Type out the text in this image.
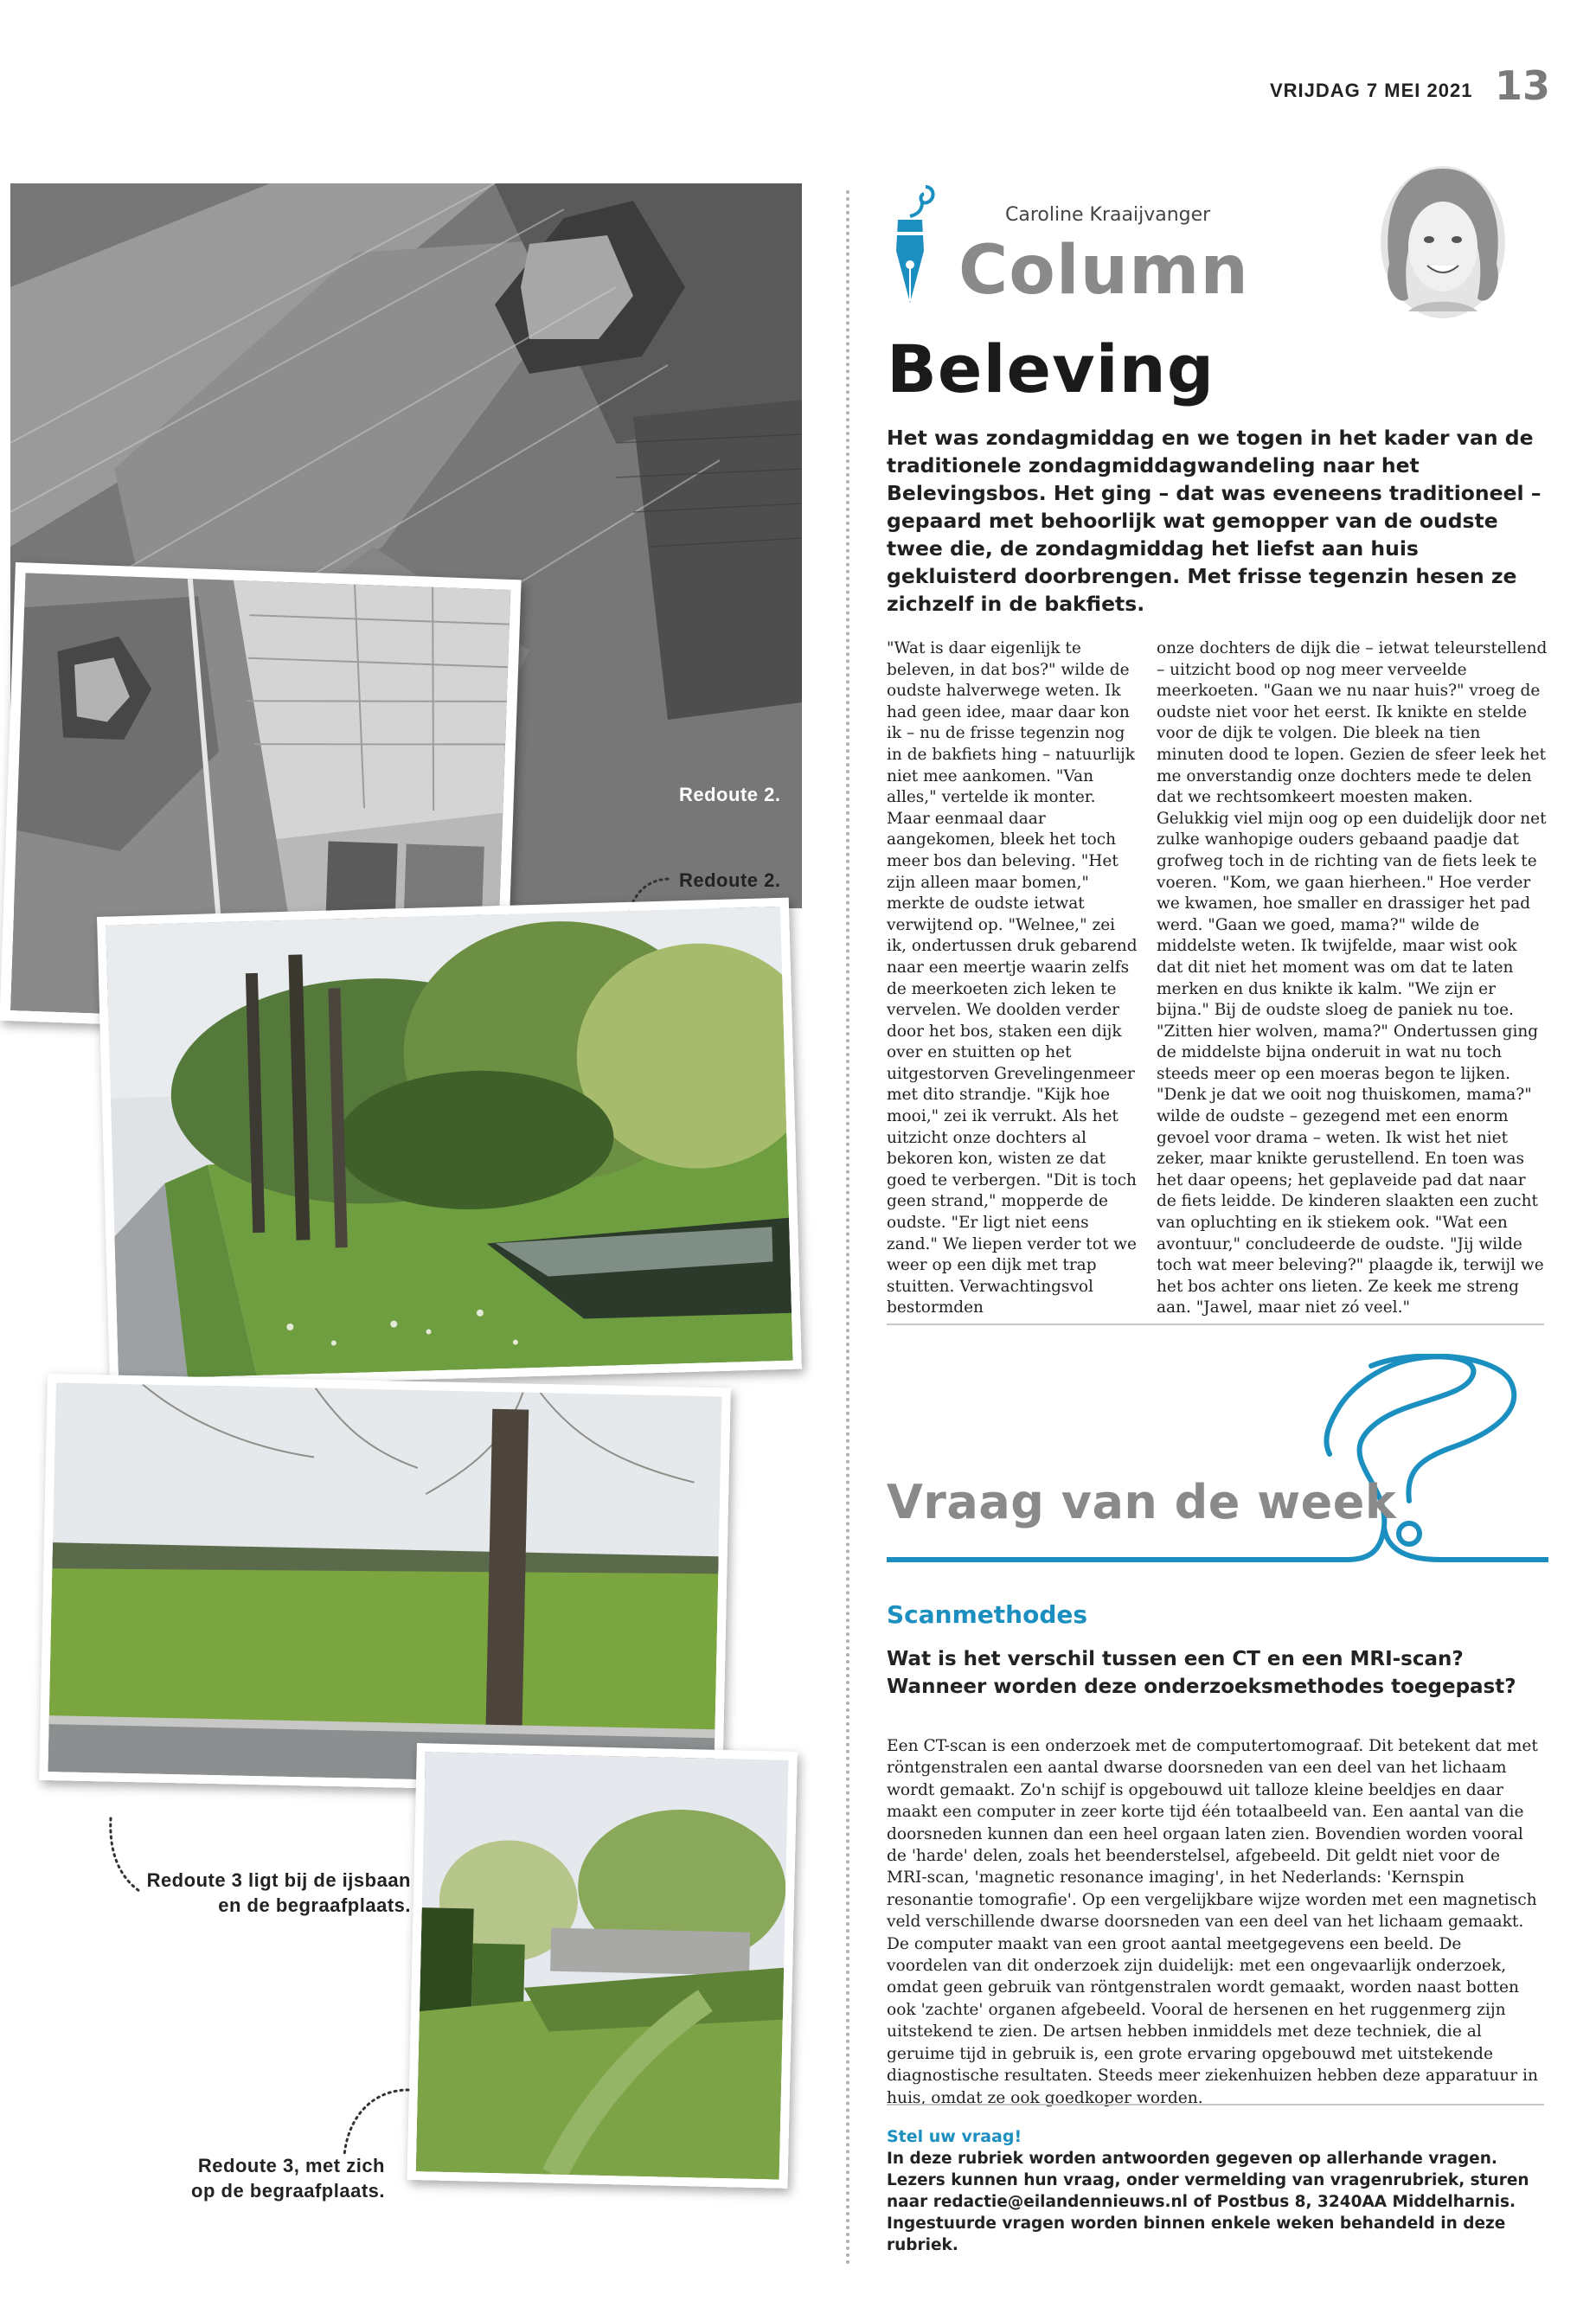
VRIJDAG 7 MEI 2021 13
Redoute 2.
Redoute 2.
Redoute 3 ligt bij de ijsbaan
en de begraafplaats.
Redoute 3, met zich
op de begraafplaats.
Caroline Kraaijvanger
Column
Beleving
Het was zondagmiddag en we togen in het kader van de traditionele zondagmiddagwandeling naar het Belevingsbos. Het ging – dat was eveneens traditioneel – gepaard met behoorlijk wat gemopper van de oudste twee die, de zondagmiddag het liefst aan huis gekluisterd doorbrengen. Met frisse tegenzin hesen ze zichzelf in de bakfiets.

"Wat is daar eigenlijk te beleven, in dat bos?" wilde de oudste halverwege weten. Ik had geen idee, maar daar kon ik – nu de frisse tegenzin nog in de bakfiets hing – natuurlijk niet mee aankomen. "Van alles," vertelde ik monter. Maar eenmaal daar aangekomen, bleek het toch meer bos dan beleving. "Het zijn alleen maar bomen," merkte de oudste ietwat verwijtend op. "Welnee," zei ik, ondertussen druk gebarend naar een meertje waarin zelfs de meerkoeten zich leken te vervelen. We doolden verder door het bos, staken een dijk over en stuitten op het uitgestorven Grevelingenmeer met dito strandje. "Kijk hoe mooi," zei ik verrukt. Als het uitzicht onze dochters al bekoren kon, wisten ze dat goed te verbergen. "Dit is toch geen strand," mopperde de oudste. "Er ligt niet eens zand." We liepen verder tot we weer op een dijk met trap stuitten. Verwachtingsvol bestormden

onze dochters de dijk die – ietwat teleurstellend – uitzicht bood op nog meer verveelde meerkoeten. "Gaan we nu naar huis?" vroeg de oudste niet voor het eerst. Ik knikte en stelde voor de dijk te volgen. Die bleek na tien minuten dood te lopen. Gezien de sfeer leek het me onverstandig onze dochters mede te delen dat we rechtsomkeert moesten maken. Gelukkig viel mijn oog op een duidelijk door net zulke wanhopige ouders gebaand paadje dat grofweg toch in de richting van de fiets leek te voeren. "Kom, we gaan hierheen." Hoe verder we kwamen, hoe smaller en drassiger het pad werd. "Gaan we goed, mama?" wilde de middelste weten. Ik twijfelde, maar wist ook dat dit niet het moment was om dat te laten merken en dus knikte ik kalm. "We zijn er bijna." Bij de oudste sloeg de paniek nu toe. "Zitten hier wolven, mama?" Ondertussen ging de middelste bijna onderuit in wat nu toch steeds meer op een moeras begon te lijken. "Denk je dat we ooit nog thuiskomen, mama?" wilde de oudste – gezegend met een enorm gevoel voor drama – weten. Ik wist het niet zeker, maar knikte gerustellend. En toen was het daar opeens; het geplaveide pad dat naar de fiets leidde. De kinderen slaakten een zucht van opluchting en ik stiekem ook. "Wat een avontuur," concludeerde de oudste. "Jij wilde toch wat meer beleving?" plaagde ik, terwijl we het bos achter ons lieten. Ze keek me streng aan. "Jawel, maar niet zó veel."

Vraag van de week
Scanmethodes
Wat is het verschil tussen een CT en een MRI-scan? Wanneer worden deze onderzoeksmethodes toegepast?
Een CT-scan is een onderzoek met de computertomograaf. Dit betekent dat met röntgenstralen een aantal dwarse doorsneden van een deel van het lichaam wordt gemaakt. Zo'n schijf is opgebouwd uit talloze kleine beeldjes en daar maakt een computer in zeer korte tijd één totaalbeeld van. Een aantal van die doorsneden kunnen dan een heel orgaan laten zien. Bovendien worden vooral de 'harde' delen, zoals het beenderstelsel, afgebeeld. Dit geldt niet voor de MRI-scan, 'magnetic resonance imaging', in het Nederlands: 'Kernspin resonantie tomografie'. Op een vergelijkbare wijze worden met een magnetisch veld verschillende dwarse doorsneden van een deel van het lichaam gemaakt. De computer maakt van een groot aantal meetgegevens een beeld. De voordelen van dit onderzoek zijn duidelijk: met een ongevaarlijk onderzoek, omdat geen gebruik van röntgenstralen wordt gemaakt, worden naast botten ook 'zachte' organen afgebeeld. Vooral de hersenen en het ruggenmerg zijn uitstekend te zien. De artsen hebben inmiddels met deze techniek, die al geruime tijd in gebruik is, een grote ervaring opgebouwd met uitstekende diagnostische resultaten. Steeds meer ziekenhuizen hebben deze apparatuur in huis, omdat ze ook goedkoper worden.
Stel uw vraag!
In deze rubriek worden antwoorden gegeven op allerhande vragen. Lezers kunnen hun vraag, onder vermelding van vragenrubriek, sturen naar redactie@eilandennieuws.nl of Postbus 8, 3240AA Middelharnis. Ingestuurde vragen worden binnen enkele weken behandeld in deze rubriek.
